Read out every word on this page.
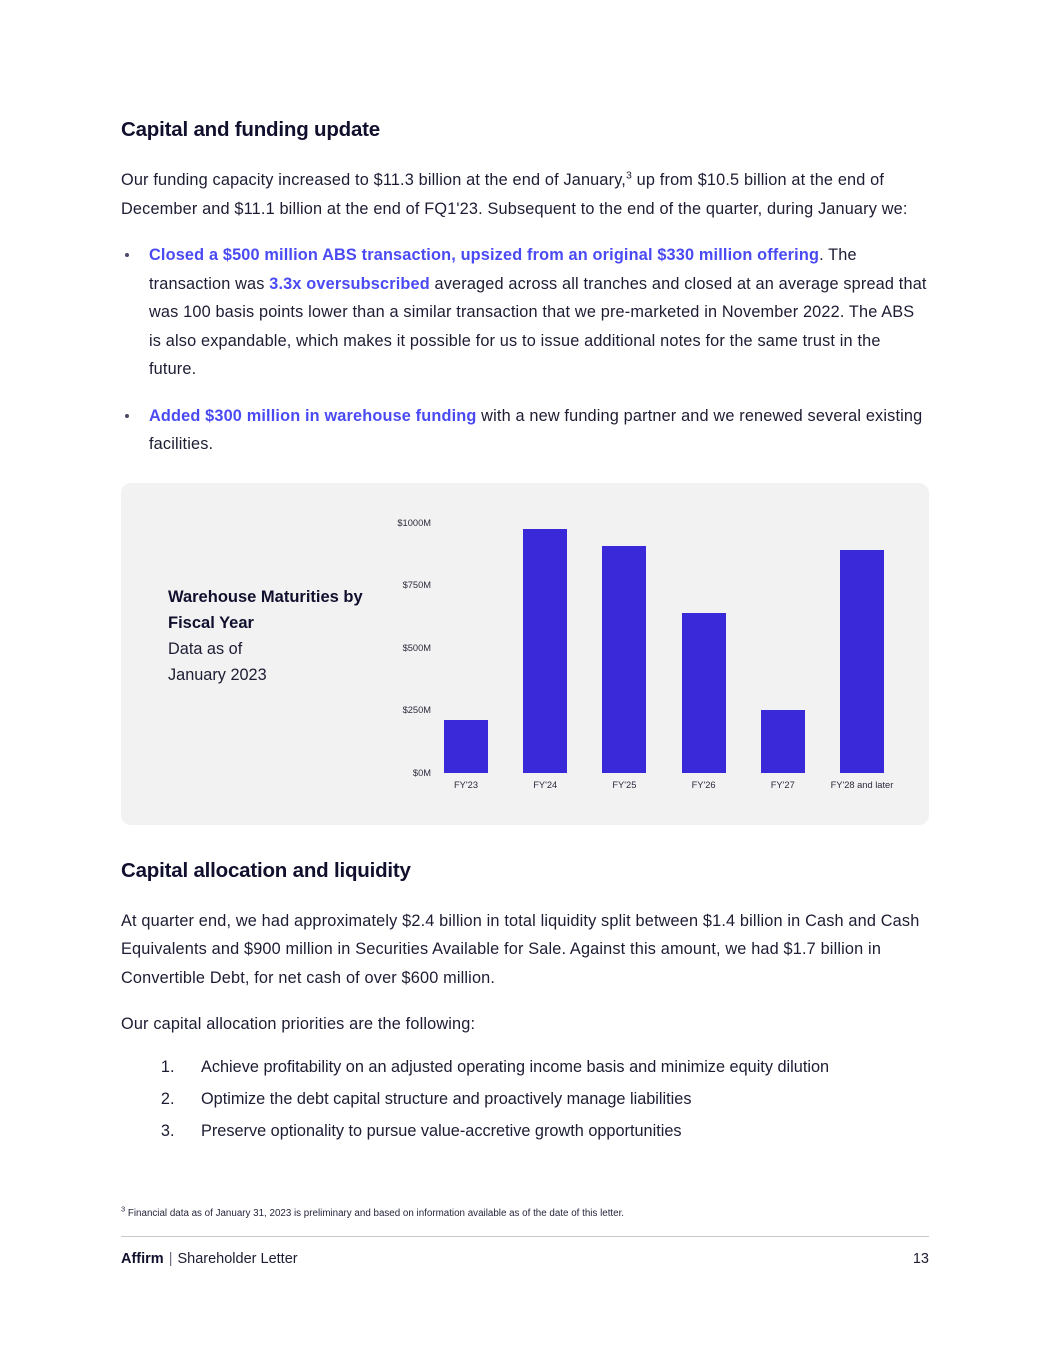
Capital and funding update

Our funding capacity increased to $11.3 billion at the end of January,$^3$ up from $10.5 billion at the end of December and $11.1 billion at the end of FQ1'23. Subsequent to the end of the quarter, during January we:

Closed a $500 million ABS transaction, upsized from an original $330 million offering. The transaction was 3.3x oversubscribed averaged across all tranches and closed at an average spread that was 100 basis points lower than a similar transaction that we pre-marketed in November 2022. The ABS is also expandable, which makes it possible for us to issue additional notes for the same trust in the future.
Added $300 million in warehouse funding with a new funding partner and we renewed several existing facilities.
Warehouse Maturities by Fiscal Year
Data as of
January 2023
$0M
$250M
$500M
$750M
$1000M
FY'23	FY'24	FY'25	FY'26	FY'27	FY'28 and later
Capital allocation and liquidity

At quarter end, we had approximately $2.4 billion in total liquidity split between $1.4 billion in Cash and Cash Equivalents and $900 million in Securities Available for Sale. Against this amount, we had $1.7 billion in Convertible Debt, for net cash of over $600 million.

Our capital allocation priorities are the following:

1. Achieve profitability on an adjusted operating income basis and minimize equity dilution
2. Optimize the debt capital structure and proactively manage liabilities
3. Preserve optionality to pursue value-accretive growth opportunities

$^3$ Financial data as of January 31, 2023 is preliminary and based on information available as of the date of this letter.

Affirm | Shareholder Letter	13
